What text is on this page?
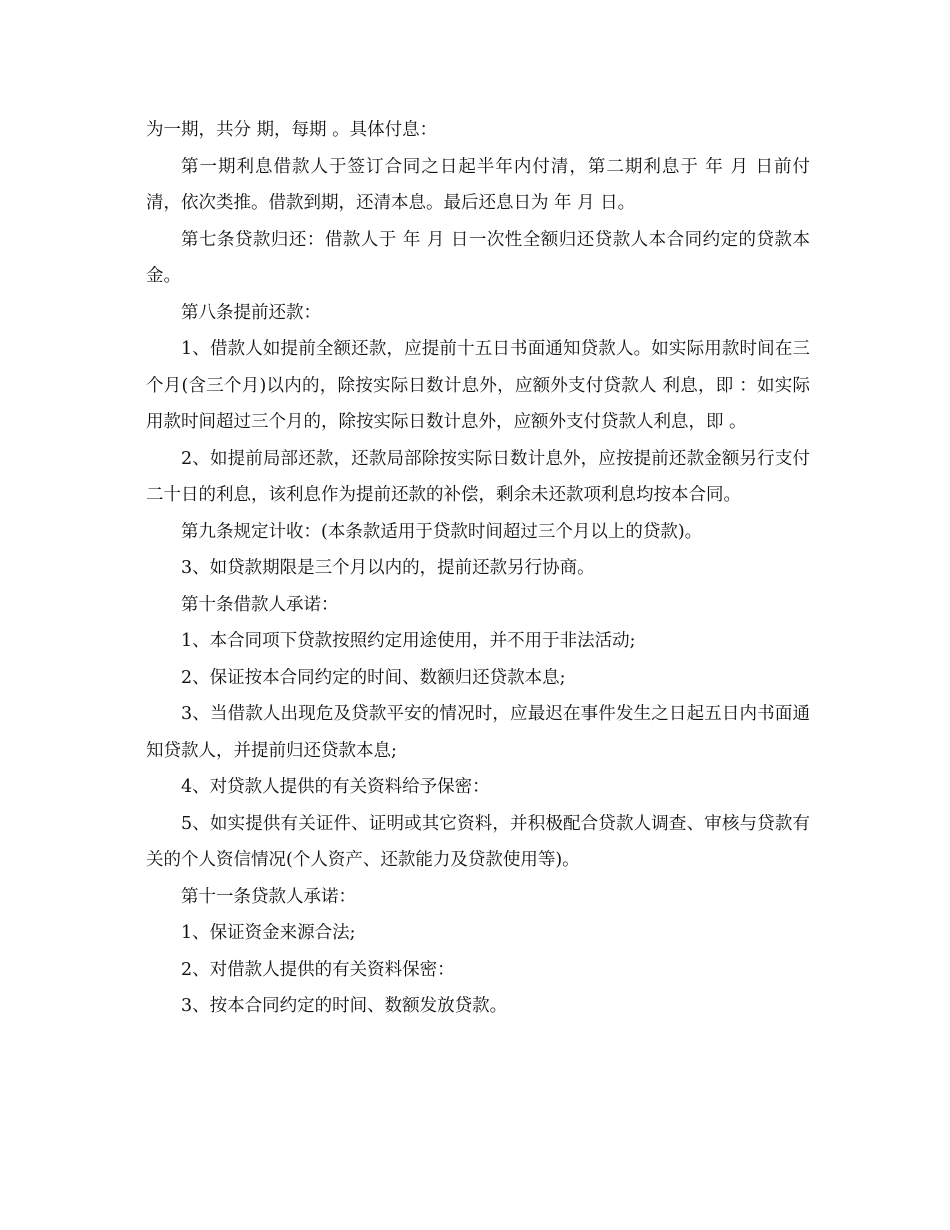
为一期，共分 期，每期 。具体付息：

第一期利息借款人于签订合同之日起半年内付清，第二期利息于 年 月 日前付清，依次类推。借款到期，还清本息。最后还息日为 年 月 日。

第七条贷款归还：借款人于 年 月 日一次性全额归还贷款人本合同约定的贷款本金。

第八条提前还款：

1、借款人如提前全额还款，应提前十五日书面通知贷款人。如实际用款时间在三个月(含三个月)以内的，除按实际日数计息外，应额外支付贷款人 利息，即 ：如实际用款时间超过三个月的，除按实际日数计息外，应额外支付贷款人利息，即 。

2、如提前局部还款，还款局部除按实际日数计息外，应按提前还款金额另行支付二十日的利息，该利息作为提前还款的补偿，剩余未还款项利息均按本合同。

第九条规定计收：(本条款适用于贷款时间超过三个月以上的贷款)。

3、如贷款期限是三个月以内的，提前还款另行协商。

第十条借款人承诺：

1、本合同项下贷款按照约定用途使用，并不用于非法活动;

2、保证按本合同约定的时间、数额归还贷款本息;

3、当借款人出现危及贷款平安的情况时，应最迟在事件发生之日起五日内书面通知贷款人，并提前归还贷款本息;

4、对贷款人提供的有关资料给予保密：

5、如实提供有关证件、证明或其它资料，并积极配合贷款人调查、审核与贷款有关的个人资信情况(个人资产、还款能力及贷款使用等)。

第十一条贷款人承诺：

1、保证资金来源合法;

2、对借款人提供的有关资料保密：

3、按本合同约定的时间、数额发放贷款。
